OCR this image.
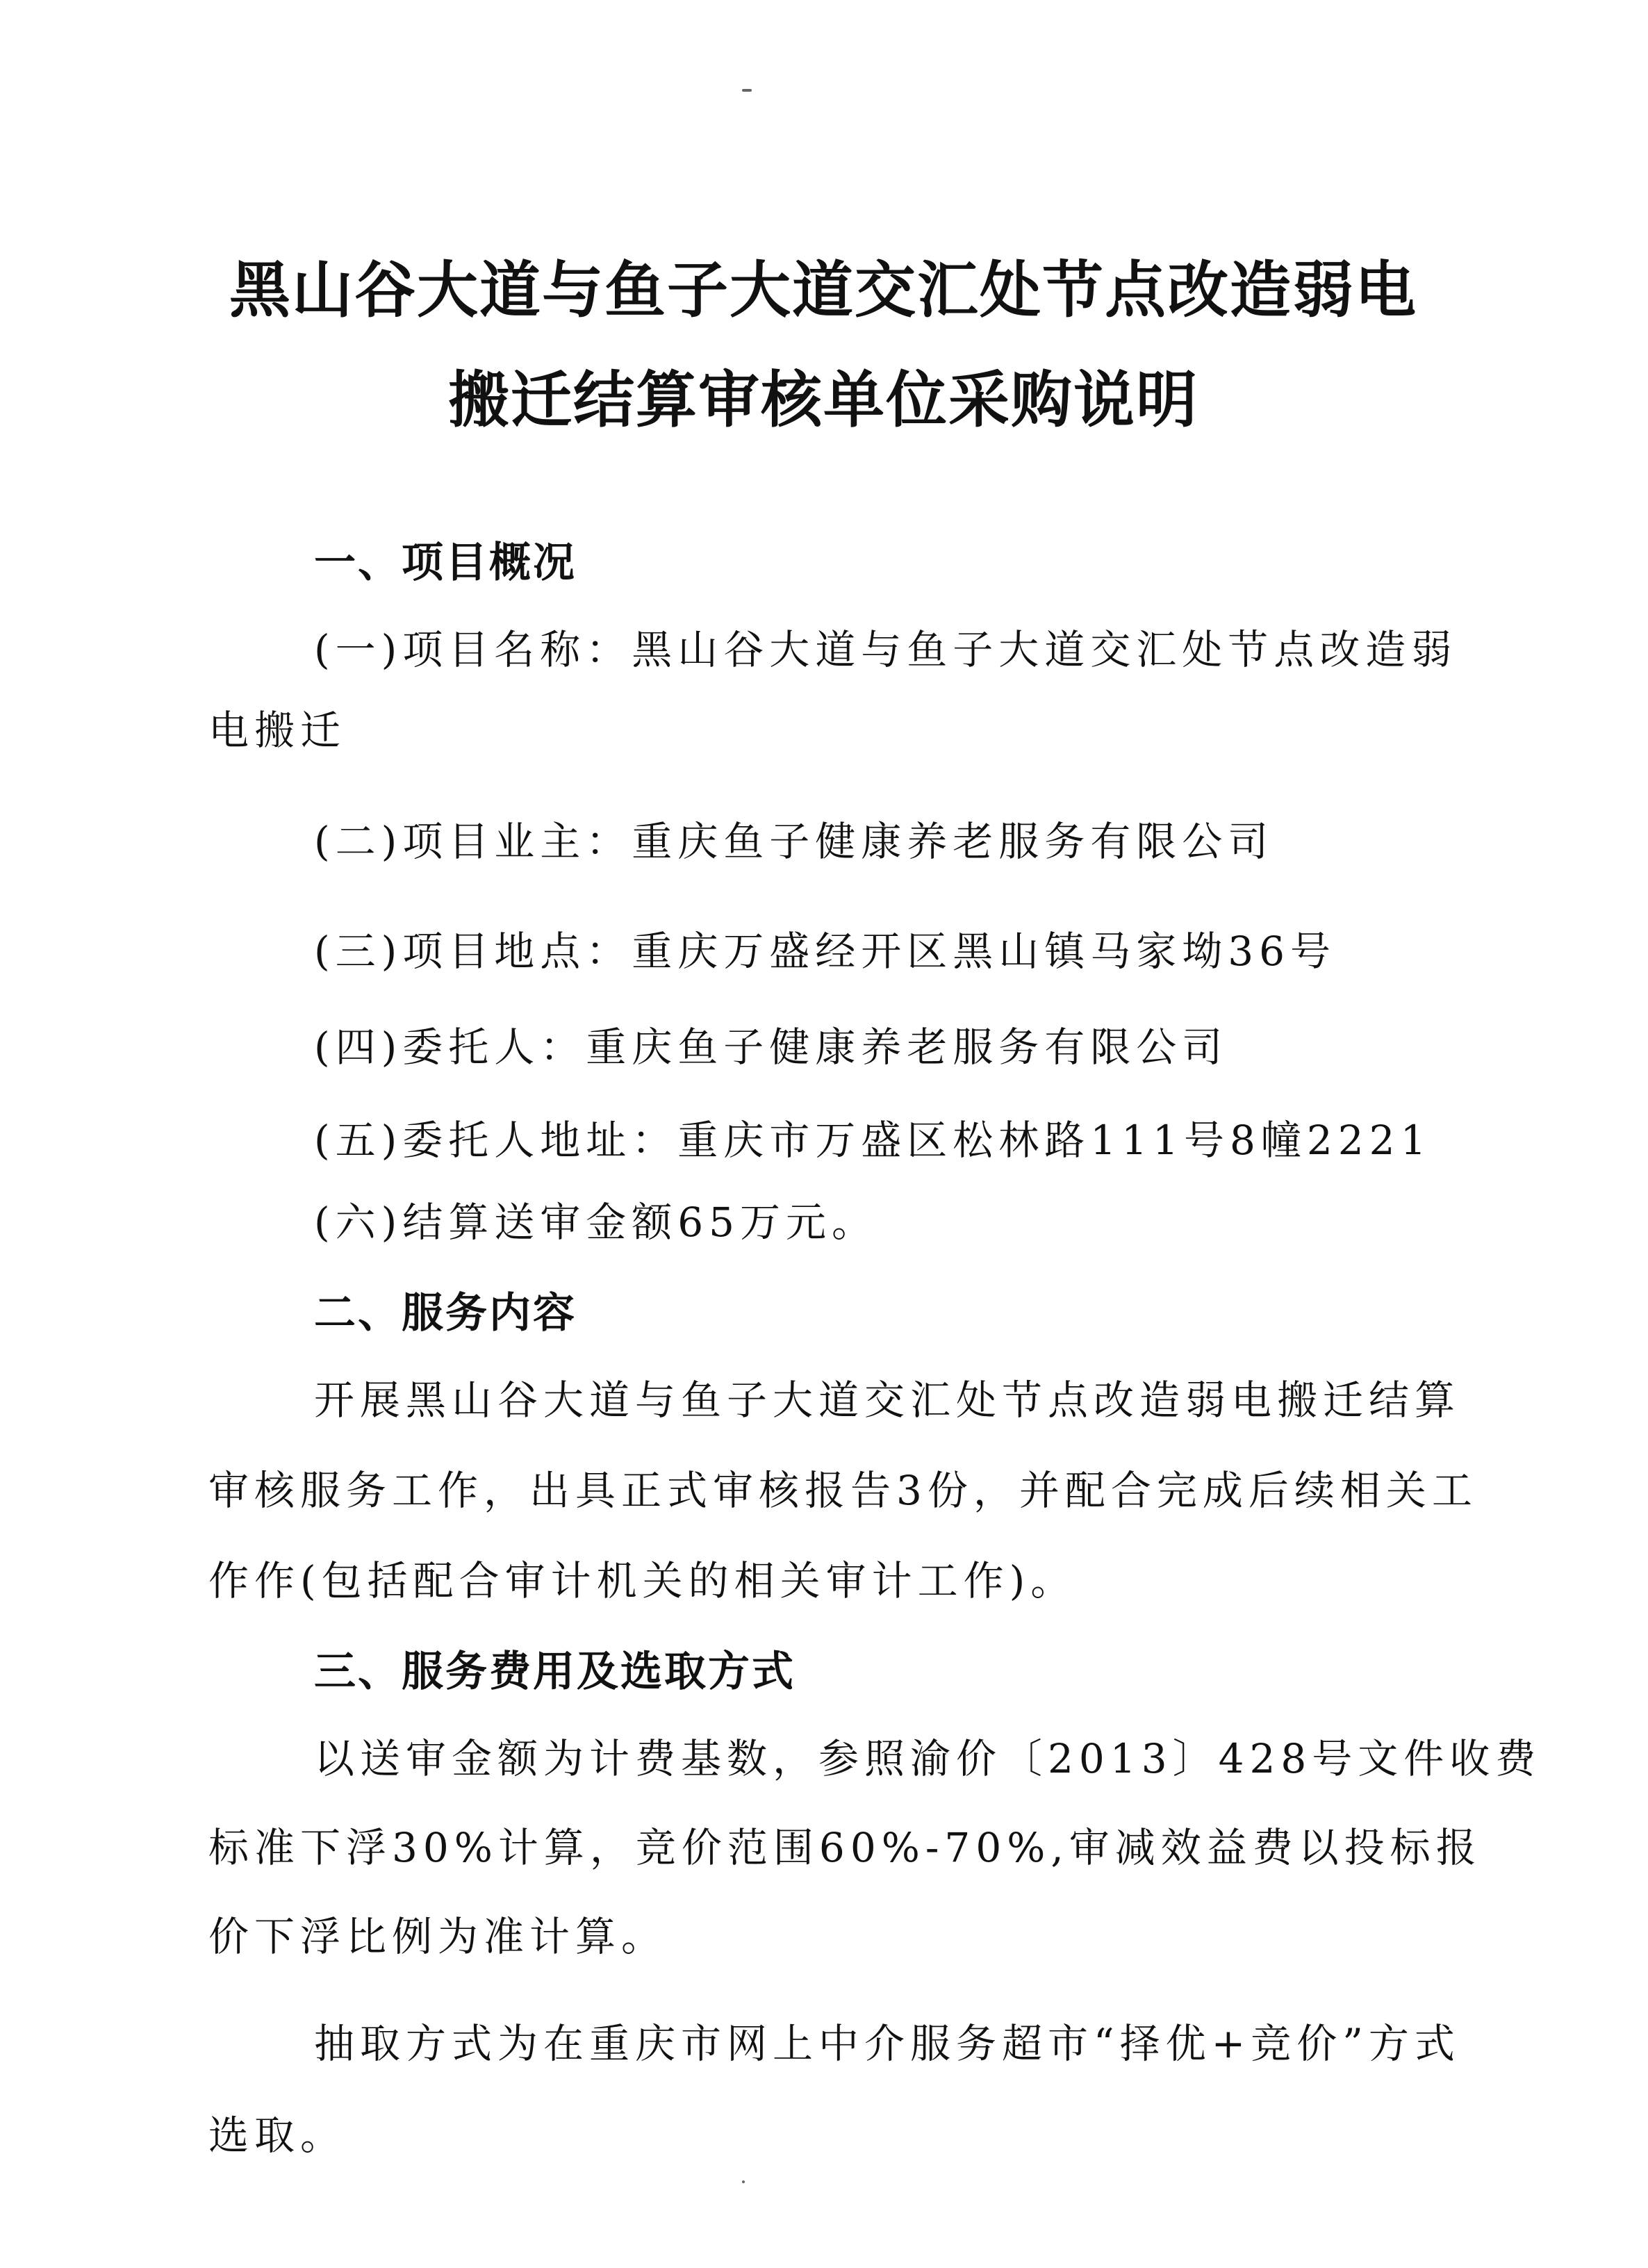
黑山谷大道与鱼子大道交汇处节点改造弱电
搬迁结算审核单位采购说明
一、项目概况
(一)项目名称：黑山谷大道与鱼子大道交汇处节点改造弱
电搬迁
(二)项目业主：重庆鱼子健康养老服务有限公司
(三)项目地点：重庆万盛经开区黑山镇马家坳36号
(四)委托人：重庆鱼子健康养老服务有限公司
(五)委托人地址：重庆市万盛区松林路111号8幢2221
(六)结算送审金额65万元。
二、服务内容
开展黑山谷大道与鱼子大道交汇处节点改造弱电搬迁结算
审核服务工作，出具正式审核报告3份，并配合完成后续相关工
作作(包括配合审计机关的相关审计工作)。
三、服务费用及选取方式
以送审金额为计费基数，参照渝价〔2013〕428号文件收费
标准下浮30%计算，竞价范围60%-70%,审减效益费以投标报
价下浮比例为准计算。
抽取方式为在重庆市网上中介服务超市“择优+竞价”方式
选取。
